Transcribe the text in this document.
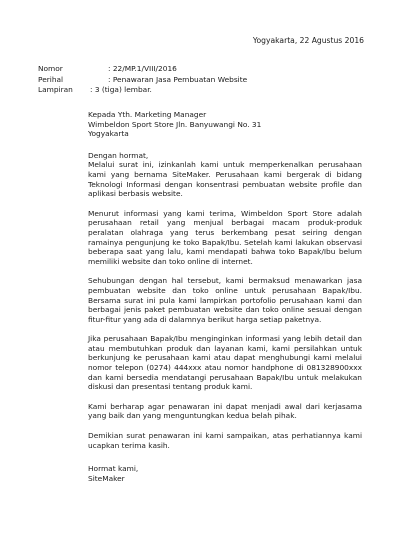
Yogyakarta, 22 Agustus 2016
Nomor	: 22/MP.1/VIII/2016
Perihal	: Penawaran Jasa Pembuatan Website
Lampiran : 3 (tiga) lembar.
Kepada Yth. Marketing Manager
Wimbeldon Sport Store Jln. Banyuwangi No. 31
Yogyakarta
Dengan hormat,

Melalui surat ini, izinkanlah kami untuk memperkenalkan perusahaan kami yang bernama SiteMaker. Perusahaan kami bergerak di bidang Teknologi Informasi dengan konsentrasi pembuatan website profile dan aplikasi berbasis website.

Menurut informasi yang kami terima, Wimbeldon Sport Store adalah perusahaan retail yang menjual berbagai macam produk-produk peralatan olahraga yang terus berkembang pesat seiring dengan ramainya pengunjung ke toko Bapak/Ibu. Setelah kami lakukan observasi beberapa saat yang lalu, kami mendapati bahwa toko Bapak/Ibu belum memiliki website dan toko online di internet.

Sehubungan dengan hal tersebut, kami bermaksud menawarkan jasa pembuatan website dan toko online untuk perusahaan Bapak/Ibu. Bersama surat ini pula kami lampirkan portofolio perusahaan kami dan berbagai jenis paket pembuatan website dan toko online sesuai dengan fitur-fitur yang ada di dalamnya berikut harga setiap paketnya.

Jika perusahaan Bapak/Ibu menginginkan informasi yang lebih detail dan atau membutuhkan produk dan layanan kami, kami persilahkan untuk berkunjung ke perusahaan kami atau dapat menghubungi kami melalui nomor telepon (0274) 444xxx atau nomor handphone di 081328900xxx dan kami bersedia mendatangi perusahaan Bapak/Ibu untuk melakukan diskusi dan presentasi tentang produk kami.

Kami berharap agar penawaran ini dapat menjadi awal dari kerjasama yang baik dan yang menguntungkan kedua belah pihak.

Demikian surat penawaran ini kami sampaikan, atas perhatiannya kami ucapkan terima kasih.

Hormat kami,
SiteMaker
